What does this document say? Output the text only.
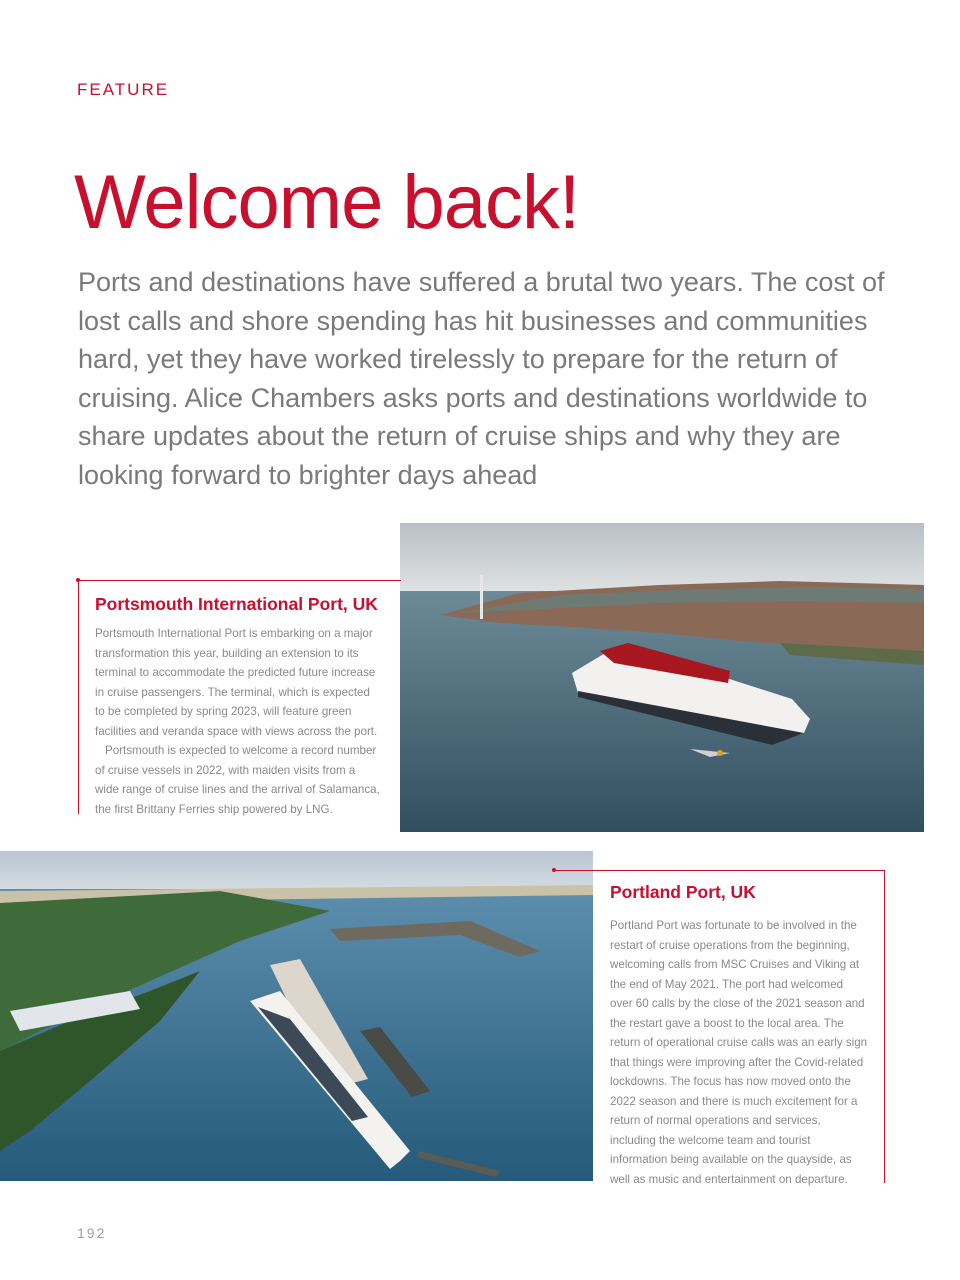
FEATURE
Welcome back!
Ports and destinations have suffered a brutal two years. The cost of lost calls and shore spending has hit businesses and communities hard, yet they have worked tirelessly to prepare for the return of cruising. Alice Chambers asks ports and destinations worldwide to share updates about the return of cruise ships and why they are looking forward to brighter days ahead
Portsmouth International Port, UK

Portsmouth International Port is embarking on a major transformation this year, building an extension to its terminal to accommodate the predicted future increase in cruise passengers. The terminal, which is expected to be completed by spring 2023, will feature green facilities and veranda space with views across the port.

Portsmouth is expected to welcome a record number of cruise vessels in 2022, with maiden visits from a wide range of cruise lines and the arrival of Salamanca, the first Brittany Ferries ship powered by LNG.

Portland Port, UK

Portland Port was fortunate to be involved in the restart of cruise operations from the beginning, welcoming calls from MSC Cruises and Viking at the end of May 2021. The port had welcomed over 60 calls by the close of the 2021 season and the restart gave a boost to the local area. The return of operational cruise calls was an early sign that things were improving after the Covid-related lockdowns. The focus has now moved onto the 2022 season and there is much excitement for a return of normal operations and services, including the welcome team and tourist information being available on the quayside, as well as music and entertainment on departure.

192
